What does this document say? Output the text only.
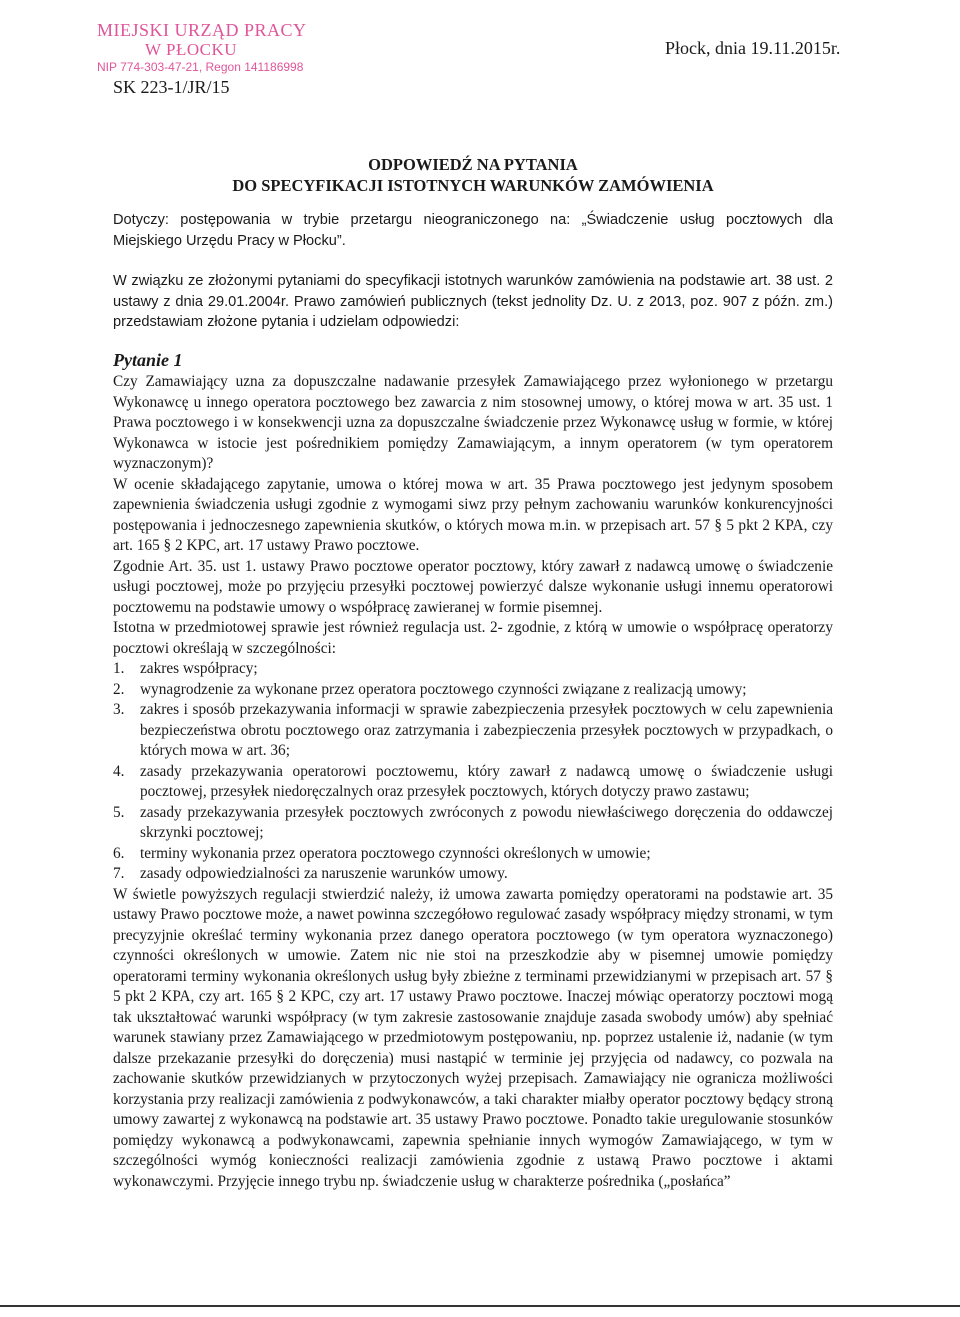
MIEJSKI URZĄD PRACY
W PŁOCKU
NIP 774-303-47-21, Regon 141186998
SK 223-1/JR/15
Płock, dnia 19.11.2015r.
ODPOWIEDŹ NA PYTANIA
DO SPECYFIKACJI ISTOTNYCH WARUNKÓW ZAMÓWIENIA
Dotyczy: postępowania w trybie przetargu nieograniczonego na: „Świadczenie usług pocztowych dla Miejskiego Urzędu Pracy w Płocku”.
W związku ze złożonymi pytaniami do specyfikacji istotnych warunków zamówienia na podstawie art. 38 ust. 2 ustawy z dnia 29.01.2004r. Prawo zamówień publicznych (tekst jednolity Dz. U. z 2013, poz. 907 z późn. zm.) przedstawiam złożone pytania i udzielam odpowiedzi:
Pytanie 1

Czy Zamawiający uzna za dopuszczalne nadawanie przesyłek Zamawiającego przez wyłonionego w przetargu Wykonawcę u innego operatora pocztowego bez zawarcia z nim stosownej umowy, o której mowa w art. 35 ust. 1 Prawa pocztowego i w konsekwencji uzna za dopuszczalne świadczenie przez Wykonawcę usług w formie, w której Wykonawca w istocie jest pośrednikiem pomiędzy Zamawiającym, a innym operatorem (w tym operatorem wyznaczonym)?

W ocenie składającego zapytanie, umowa o której mowa w art. 35 Prawa pocztowego jest jedynym sposobem zapewnienia świadczenia usługi zgodnie z wymogami siwz przy pełnym zachowaniu warunków konkurencyjności postępowania i jednoczesnego zapewnienia skutków, o których mowa m.in. w przepisach art. 57 § 5 pkt 2 KPA, czy art. 165 § 2 KPC, art. 17 ustawy Prawo pocztowe.

Zgodnie Art. 35. ust 1. ustawy Prawo pocztowe operator pocztowy, który zawarł z nadawcą umowę o świadczenie usługi pocztowej, może po przyjęciu przesyłki pocztowej powierzyć dalsze wykonanie usługi innemu operatorowi pocztowemu na podstawie umowy o współpracę zawieranej w formie pisemnej.

Istotna w przedmiotowej sprawie jest również regulacja ust. 2- zgodnie, z którą w umowie o współpracę operatorzy pocztowi określają w szczególności:

1. zakres współpracy;
2. wynagrodzenie za wykonane przez operatora pocztowego czynności związane z realizacją umowy;
3. zakres i sposób przekazywania informacji w sprawie zabezpieczenia przesyłek pocztowych w celu zapewnienia bezpieczeństwa obrotu pocztowego oraz zatrzymania i zabezpieczenia przesyłek pocztowych w przypadkach, o których mowa w art. 36;
4. zasady przekazywania operatorowi pocztowemu, który zawarł z nadawcą umowę o świadczenie usługi pocztowej, przesyłek niedoręczalnych oraz przesyłek pocztowych, których dotyczy prawo zastawu;
5. zasady przekazywania przesyłek pocztowych zwróconych z powodu niewłaściwego doręczenia do oddawczej skrzynki pocztowej;
6. terminy wykonania przez operatora pocztowego czynności określonych w umowie;
7. zasady odpowiedzialności za naruszenie warunków umowy.

W świetle powyższych regulacji stwierdzić należy, iż umowa zawarta pomiędzy operatorami na podstawie art. 35 ustawy Prawo pocztowe może, a nawet powinna szczegółowo regulować zasady współpracy między stronami, w tym precyzyjnie określać terminy wykonania przez danego operatora pocztowego (w tym operatora wyznaczonego) czynności określonych w umowie. Zatem nic nie stoi na przeszkodzie aby w pisemnej umowie pomiędzy operatorami terminy wykonania określonych usług były zbieżne z terminami przewidzianymi w przepisach art. 57 § 5 pkt 2 KPA, czy art. 165 § 2 KPC, czy art. 17 ustawy Prawo pocztowe. Inaczej mówiąc operatorzy pocztowi mogą tak ukształtować warunki współpracy (w tym zakresie zastosowanie znajduje zasada swobody umów) aby spełniać warunek stawiany przez Zamawiającego w przedmiotowym postępowaniu, np. poprzez ustalenie iż, nadanie (w tym dalsze przekazanie przesyłki do doręczenia) musi nastąpić w terminie jej przyjęcia od nadawcy, co pozwala na zachowanie skutków przewidzianych w przytoczonych wyżej przepisach. Zamawiający nie ogranicza możliwości korzystania przy realizacji zamówienia z podwykonawców, a taki charakter miałby operator pocztowy będący stroną umowy zawartej z wykonawcą na podstawie art. 35 ustawy Prawo pocztowe. Ponadto takie uregulowanie stosunków pomiędzy wykonawcą a podwykonawcami, zapewnia spełnianie innych wymogów Zamawiającego, w tym w szczególności wymóg konieczności realizacji zamówienia zgodnie z ustawą Prawo pocztowe i aktami wykonawczymi. Przyjęcie innego trybu np. świadczenie usług w charakterze pośrednika („posłańca”
